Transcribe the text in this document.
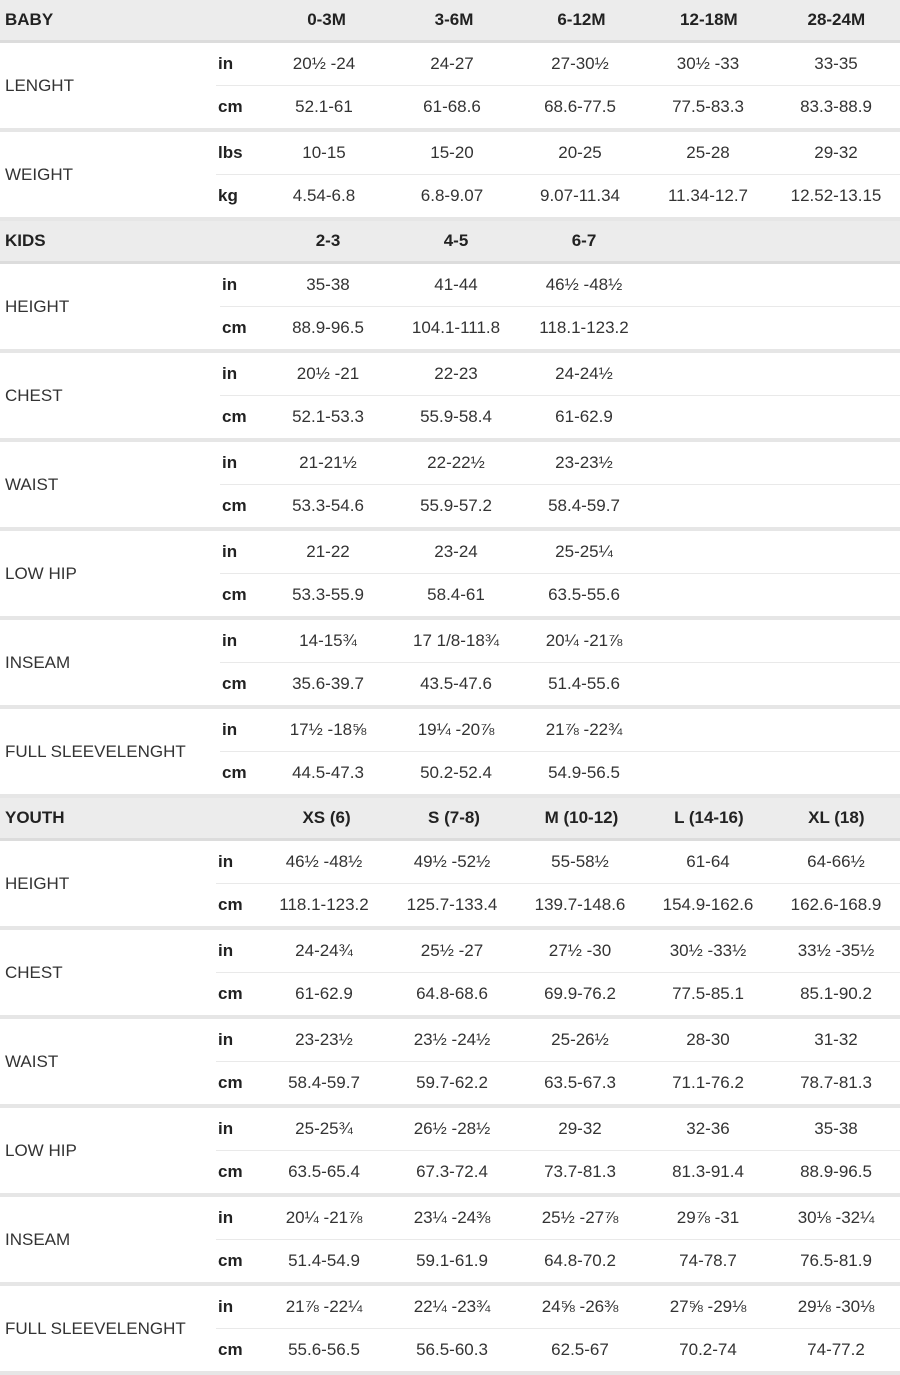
BABY	0-3M	3-6M	6-12M	12-18M	28-24M
LENGHT
in	20½ -24	24-27	27-30½	30½ -33	33-35
cm	52.1-61	61-68.6	68.6-77.5	77.5-83.3	83.3-88.9
WEIGHT
lbs	10-15	15-20	20-25	25-28	29-32
kg	4.54-6.8	6.8-9.07	9.07-11.34	11.34-12.7	12.52-13.15
KIDS	2-3	4-5	6-7
HEIGHT
in	35-38	41-44	46½ -48½
cm	88.9-96.5	104.1-111.8	118.1-123.2
CHEST
in	20½ -21	22-23	24-24½
cm	52.1-53.3	55.9-58.4	61-62.9
WAIST
in	21-21½	22-22½	23-23½
cm	53.3-54.6	55.9-57.2	58.4-59.7
LOW HIP
in	21-22	23-24	25-25¼
cm	53.3-55.9	58.4-61	63.5-55.6
INSEAM
in	14-15¾	17 1/8-18¾	20¼ -21⅞
cm	35.6-39.7	43.5-47.6	51.4-55.6
FULL SLEEVELENGHT
in	17½ -18⅝	19¼ -20⅞	21⅞ -22¾
cm	44.5-47.3	50.2-52.4	54.9-56.5
YOUTH	XS (6)	S (7-8)	M (10-12)	L (14-16)	XL (18)
HEIGHT
in	46½ -48½	49½ -52½	55-58½	61-64	64-66½
cm	118.1-123.2	125.7-133.4	139.7-148.6	154.9-162.6	162.6-168.9
CHEST
in	24-24¾	25½ -27	27½ -30	30½ -33½	33½ -35½
cm	61-62.9	64.8-68.6	69.9-76.2	77.5-85.1	85.1-90.2
WAIST
in	23-23½	23½ -24½	25-26½	28-30	31-32
cm	58.4-59.7	59.7-62.2	63.5-67.3	71.1-76.2	78.7-81.3
LOW HIP
in	25-25¾	26½ -28½	29-32	32-36	35-38
cm	63.5-65.4	67.3-72.4	73.7-81.3	81.3-91.4	88.9-96.5
INSEAM
in	20¼ -21⅞	23¼ -24⅜	25½ -27⅞	29⅞ -31	30⅛ -32¼
cm	51.4-54.9	59.1-61.9	64.8-70.2	74-78.7	76.5-81.9
FULL SLEEVELENGHT
in	21⅞ -22¼	22¼ -23¾	24⅝ -26⅜	27⅝ -29⅛	29⅛ -30⅛
cm	55.6-56.5	56.5-60.3	62.5-67	70.2-74	74-77.2
